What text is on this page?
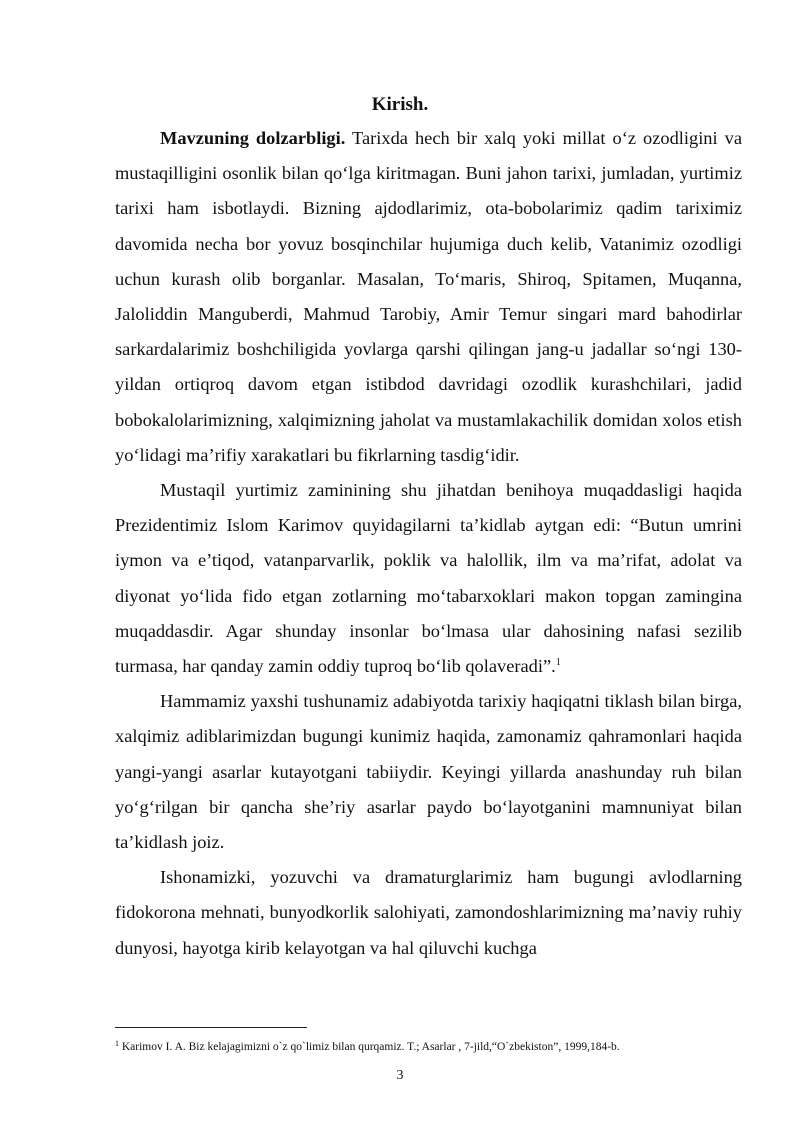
Kirish.

Mavzuning dolzarbligi. Tarixda hech bir xalq yoki millat o‘z ozodligini va mustaqilligini osonlik bilan qo‘lga kiritmagan. Buni jahon tarixi, jumladan, yurtimiz tarixi ham isbotlaydi. Bizning ajdodlarimiz, ota-bobolarimiz qadim tariximiz davomida necha bor yovuz bosqinchilar hujumiga duch kelib, Vatanimiz ozodligi uchun kurash olib borganlar. Masalan, To‘maris, Shiroq, Spitamen, Muqanna, Jaloliddin Manguberdi, Mahmud Tarobiy, Amir Temur singari mard bahodirlar sarkardalarimiz boshchiligida yovlarga qarshi qilingan jang-u jadallar so‘ngi 130-yildan ortiqroq davom etgan istibdod davridagi ozodlik kurashchilari, jadid bobokalolarimizning, xalqimizning jaholat va mustamlakachilik domidan xolos etish yo‘lidagi ma’rifiy xarakatlari bu fikrlarning tasdig‘idir.

Mustaqil yurtimiz zaminining shu jihatdan benihoya muqaddasligi haqida Prezidentimiz Islom Karimov quyidagilarni ta’kidlab aytgan edi: “Butun umrini iymon va e’tiqod, vatanparvarlik, poklik va halollik, ilm va ma’rifat, adolat va diyonat yo‘lida fido etgan zotlarning mo‘tabarxoklari makon topgan zamingina muqaddasdir. Agar shunday insonlar bo‘lmasa ular dahosining nafasi sezilib turmasa, har qanday zamin oddiy tuproq bo‘lib qolaveradi”.$^1$

Hammamiz yaxshi tushunamiz adabiyotda tarixiy haqiqatni tiklash bilan birga, xalqimiz adiblarimizdan bugungi kunimiz haqida, zamonamiz qahramonlari haqida yangi-yangi asarlar kutayotgani tabiiydir. Keyingi yillarda anashunday ruh bilan yo‘g‘rilgan bir qancha she’riy asarlar paydo bo‘layotganini mamnuniyat bilan ta’kidlash joiz.

Ishonamizki, yozuvchi va dramaturglarimiz ham bugungi avlodlarning fidokorona mehnati, bunyodkorlik salohiyati, zamondoshlarimizning ma’naviy ruhiy dunyosi, hayotga kirib kelayotgan va hal qiluvchi kuchga

$^1$ Karimov I. A. Biz kelajagimizni o`z qo`limiz bilan qurqamiz. T.; Asarlar , 7-jild,“O`zbekiston”, 1999,184-b.
3
